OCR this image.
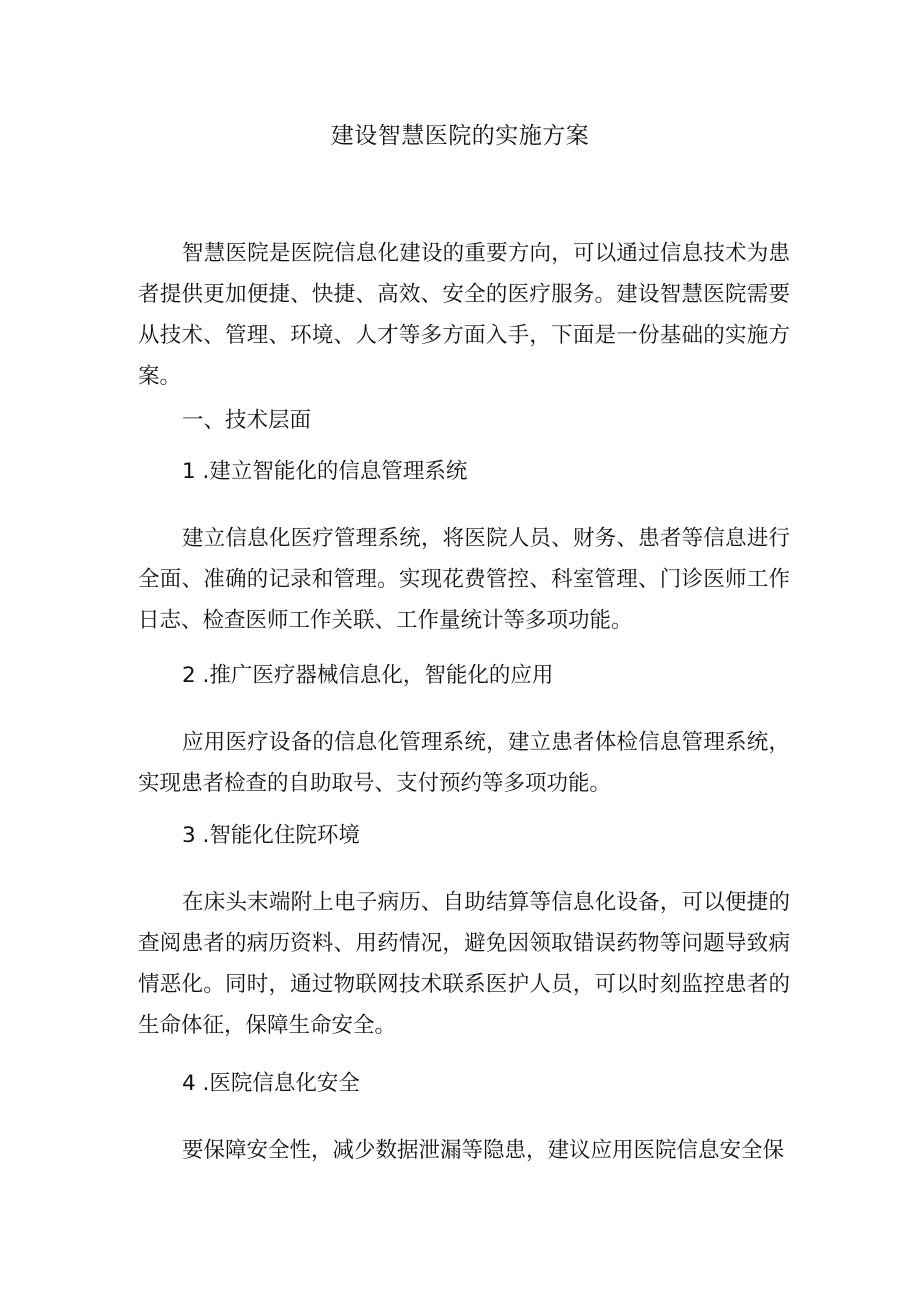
建设智慧医院的实施方案

智慧医院是医院信息化建设的重要方向，可以通过信息技术为患者提供更加便捷、快捷、高效、安全的医疗服务。建设智慧医院需要从技术、管理、环境、人才等多方面入手，下面是一份基础的实施方案。

一、技术层面
1 .建立智能化的信息管理系统

建立信息化医疗管理系统，将医院人员、财务、患者等信息进行全面、准确的记录和管理。实现花费管控、科室管理、门诊医师工作日志、检查医师工作关联、工作量统计等多项功能。

2 .推广医疗器械信息化，智能化的应用

应用医疗设备的信息化管理系统，建立患者体检信息管理系统，实现患者检查的自助取号、支付预约等多项功能。

3 .智能化住院环境

在床头末端附上电子病历、自助结算等信息化设备，可以便捷的查阅患者的病历资料、用药情况，避免因领取错误药物等问题导致病情恶化。同时，通过物联网技术联系医护人员，可以时刻监控患者的生命体征，保障生命安全。

4 .医院信息化安全

要保障安全性，减少数据泄漏等隐患，建议应用医院信息安全保
